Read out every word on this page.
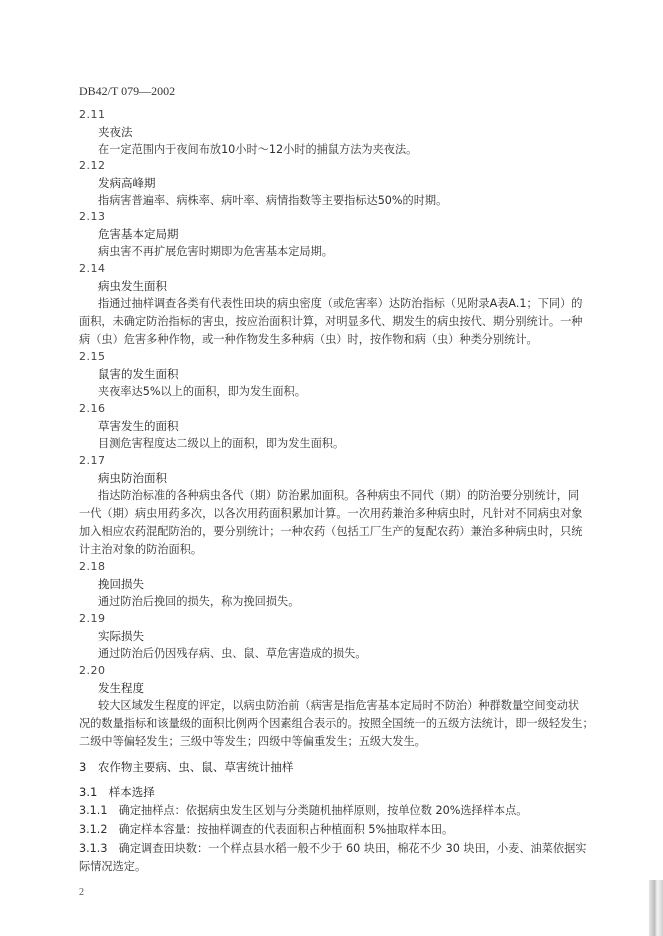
DB42/T 079—2002
2.11
夹夜法
在一定范围内于夜间布放10小时～12小时的捕鼠方法为夹夜法。
2.12
发病高峰期
指病害普遍率、病株率、病叶率、病情指数等主要指标达50%的时期。
2.13
危害基本定局期
病虫害不再扩展危害时期即为危害基本定局期。
2.14
病虫发生面积
指通过抽样调查各类有代表性田块的病虫密度（或危害率）达防治指标（见附录A表A.1；下同）的
面积，未确定防治指标的害虫，按应治面积计算，对明显多代、期发生的病虫按代、期分别统计。一种
病（虫）危害多种作物，或一种作物发生多种病（虫）时，按作物和病（虫）种类分别统计。
2.15
鼠害的发生面积
夹夜率达5%以上的面积，即为发生面积。
2.16
草害发生的面积
目测危害程度达二级以上的面积，即为发生面积。
2.17
病虫防治面积
指达防治标准的各种病虫各代（期）防治累加面积。各种病虫不同代（期）的防治要分别统计，同
一代（期）病虫用药多次，以各次用药面积累加计算。一次用药兼治多种病虫时，凡针对不同病虫对象
加入相应农药混配防治的，要分别统计；一种农药（包括工厂生产的复配农药）兼治多种病虫时，只统
计主治对象的防治面积。
2.18
挽回损失
通过防治后挽回的损失，称为挽回损失。
2.19
实际损失
通过防治后仍因残存病、虫、鼠、草危害造成的损失。
2.20
发生程度
较大区域发生程度的评定，以病虫防治前（病害是指危害基本定局时不防治）种群数量空间变动状
况的数量指标和该量级的面积比例两个因素组合表示的。按照全国统一的五级方法统计，即一级轻发生；
二级中等偏轻发生；三级中等发生；四级中等偏重发生；五级大发生。
3　农作物主要病、虫、鼠、草害统计抽样
3.1　样本选择
3.1.1　确定抽样点：依据病虫发生区划与分类随机抽样原则，按单位数 20%选择样本点。
3.1.2　确定样本容量：按抽样调查的代表面积占种植面积 5%抽取样本田。
3.1.3　确定调查田块数：一个样点县水稻一般不少于 60 块田，棉花不少 30 块田，小麦、油菜依据实
际情况选定。
2
